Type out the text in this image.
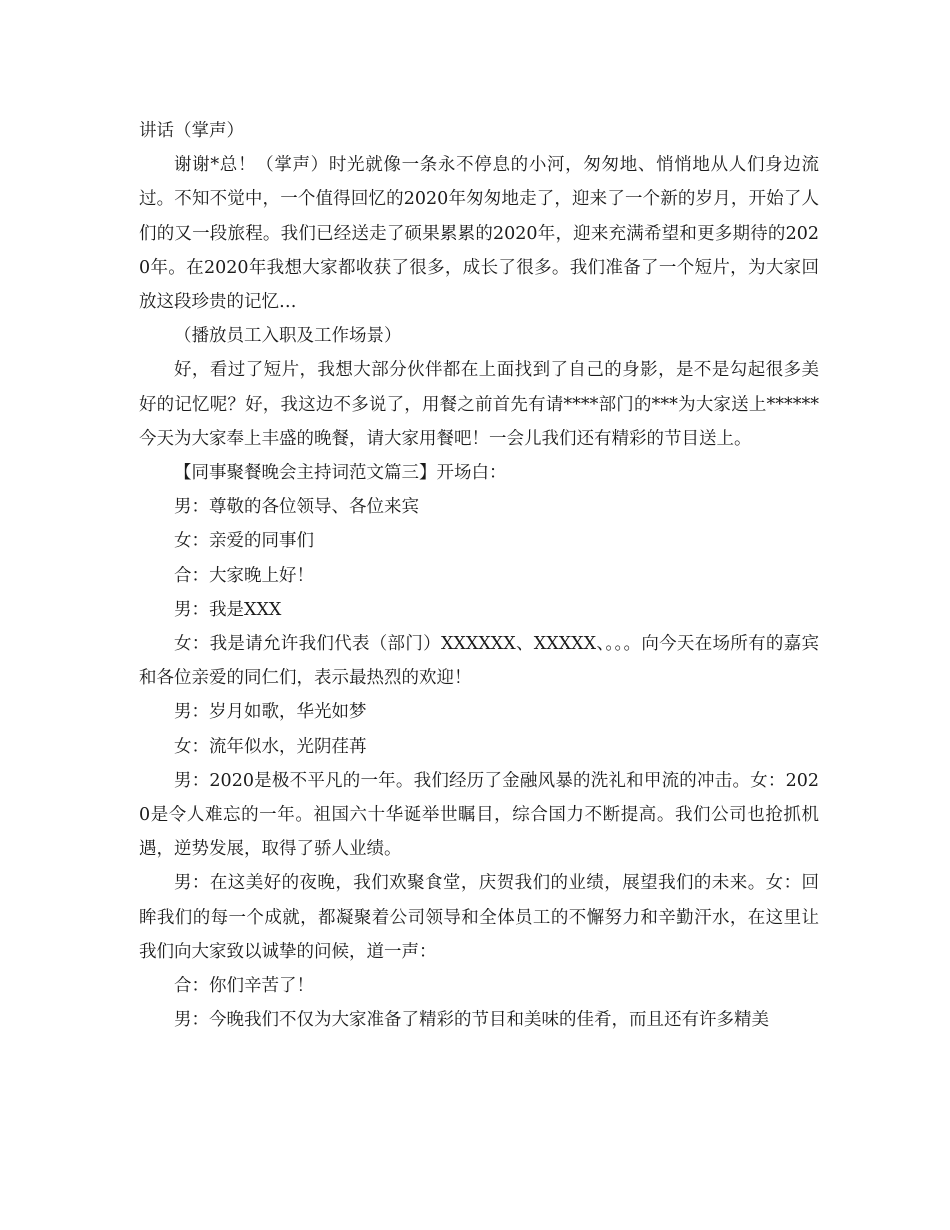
讲话（掌声）

谢谢*总！（掌声）时光就像一条永不停息的小河，匆匆地、悄悄地从人们身边流过。不知不觉中，一个值得回忆的2020年匆匆地走了，迎来了一个新的岁月，开始了人们的又一段旅程。我们已经送走了硕果累累的2020年，迎来充满希望和更多期待的2020年。在2020年我想大家都收获了很多，成长了很多。我们准备了一个短片，为大家回放这段珍贵的记忆…

（播放员工入职及工作场景）

好，看过了短片，我想大部分伙伴都在上面找到了自己的身影，是不是勾起很多美好的记忆呢？好，我这边不多说了，用餐之前首先有请****部门的***为大家送上******今天为大家奉上丰盛的晚餐，请大家用餐吧！一会儿我们还有精彩的节目送上。

【同事聚餐晚会主持词范文篇三】开场白：

男：尊敬的各位领导、各位来宾

女：亲爱的同事们

合：大家晚上好！

男：我是XXX

女：我是请允许我们代表（部门）XXXXXX、XXXXX、。。。向今天在场所有的嘉宾和各位亲爱的同仁们，表示最热烈的欢迎！

男：岁月如歌，华光如梦

女：流年似水，光阴荏苒

男：2020是极不平凡的一年。我们经历了金融风暴的洗礼和甲流的冲击。女：2020是令人难忘的一年。祖国六十华诞举世瞩目，综合国力不断提高。我们公司也抢抓机遇，逆势发展，取得了骄人业绩。

男：在这美好的夜晚，我们欢聚食堂，庆贺我们的业绩，展望我们的未来。女：回眸我们的每一个成就，都凝聚着公司领导和全体员工的不懈努力和辛勤汗水，在这里让我们向大家致以诚挚的问候，道一声：

合：你们辛苦了！

男：今晚我们不仅为大家准备了精彩的节目和美味的佳肴，而且还有许多精美
